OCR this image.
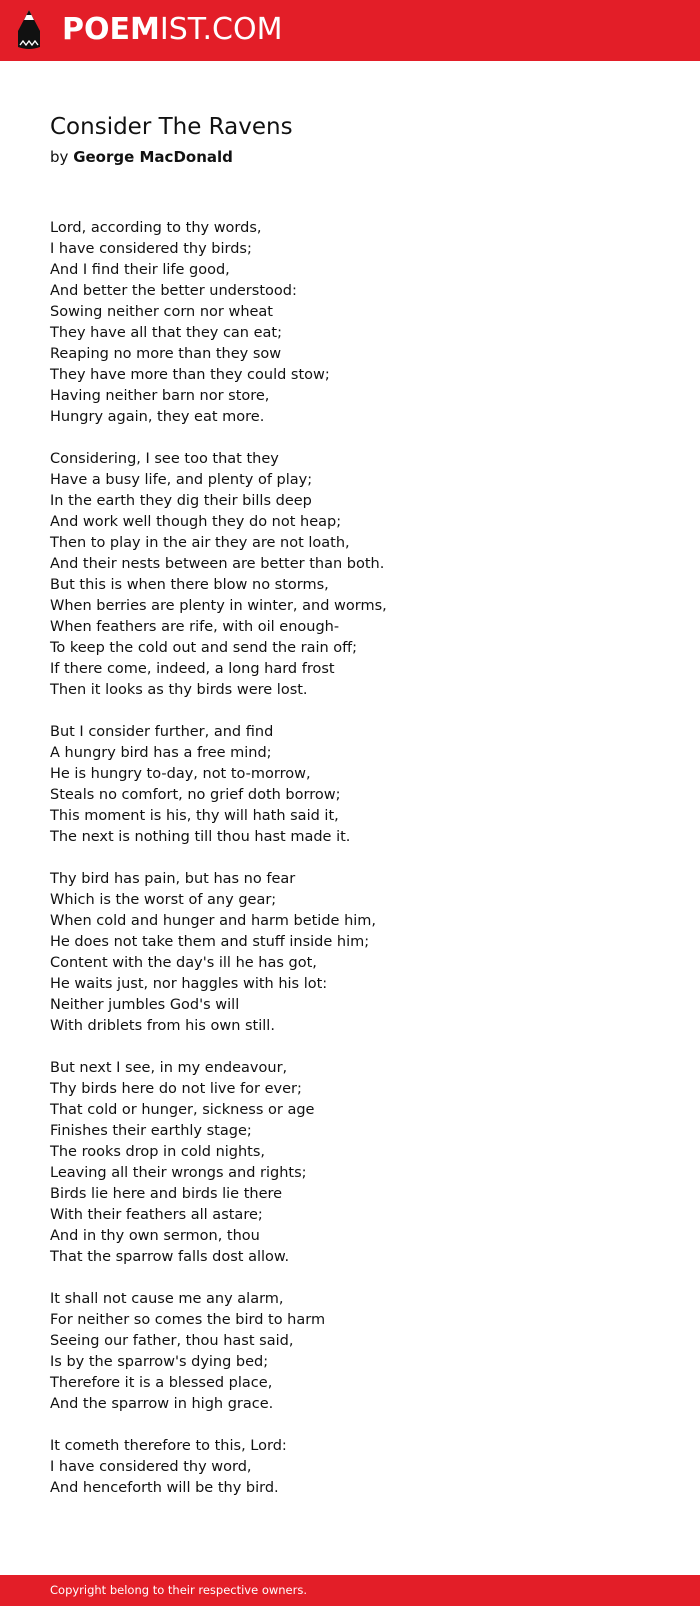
POEMIST.COM
Consider The Ravens
by George MacDonald
Lord, according to thy words,
I have considered thy birds;
And I find their life good,
And better the better understood:
Sowing neither corn nor wheat
They have all that they can eat;
Reaping no more than they sow
They have more than they could stow;
Having neither barn nor store,
Hungry again, they eat more.
Considering, I see too that they
Have a busy life, and plenty of play;
In the earth they dig their bills deep
And work well though they do not heap;
Then to play in the air they are not loath,
And their nests between are better than both.
But this is when there blow no storms,
When berries are plenty in winter, and worms,
When feathers are rife, with oil enough-
To keep the cold out and send the rain off;
If there come, indeed, a long hard frost
Then it looks as thy birds were lost.
But I consider further, and find
A hungry bird has a free mind;
He is hungry to-day, not to-morrow,
Steals no comfort, no grief doth borrow;
This moment is his, thy will hath said it,
The next is nothing till thou hast made it.
Thy bird has pain, but has no fear
Which is the worst of any gear;
When cold and hunger and harm betide him,
He does not take them and stuff inside him;
Content with the day's ill he has got,
He waits just, nor haggles with his lot:
Neither jumbles God's will
With driblets from his own still.
But next I see, in my endeavour,
Thy birds here do not live for ever;
That cold or hunger, sickness or age
Finishes their earthly stage;
The rooks drop in cold nights,
Leaving all their wrongs and rights;
Birds lie here and birds lie there
With their feathers all astare;
And in thy own sermon, thou
That the sparrow falls dost allow.
It shall not cause me any alarm,
For neither so comes the bird to harm
Seeing our father, thou hast said,
Is by the sparrow's dying bed;
Therefore it is a blessed place,
And the sparrow in high grace.
It cometh therefore to this, Lord:
I have considered thy word,
And henceforth will be thy bird.
Copyright belong to their respective owners.
